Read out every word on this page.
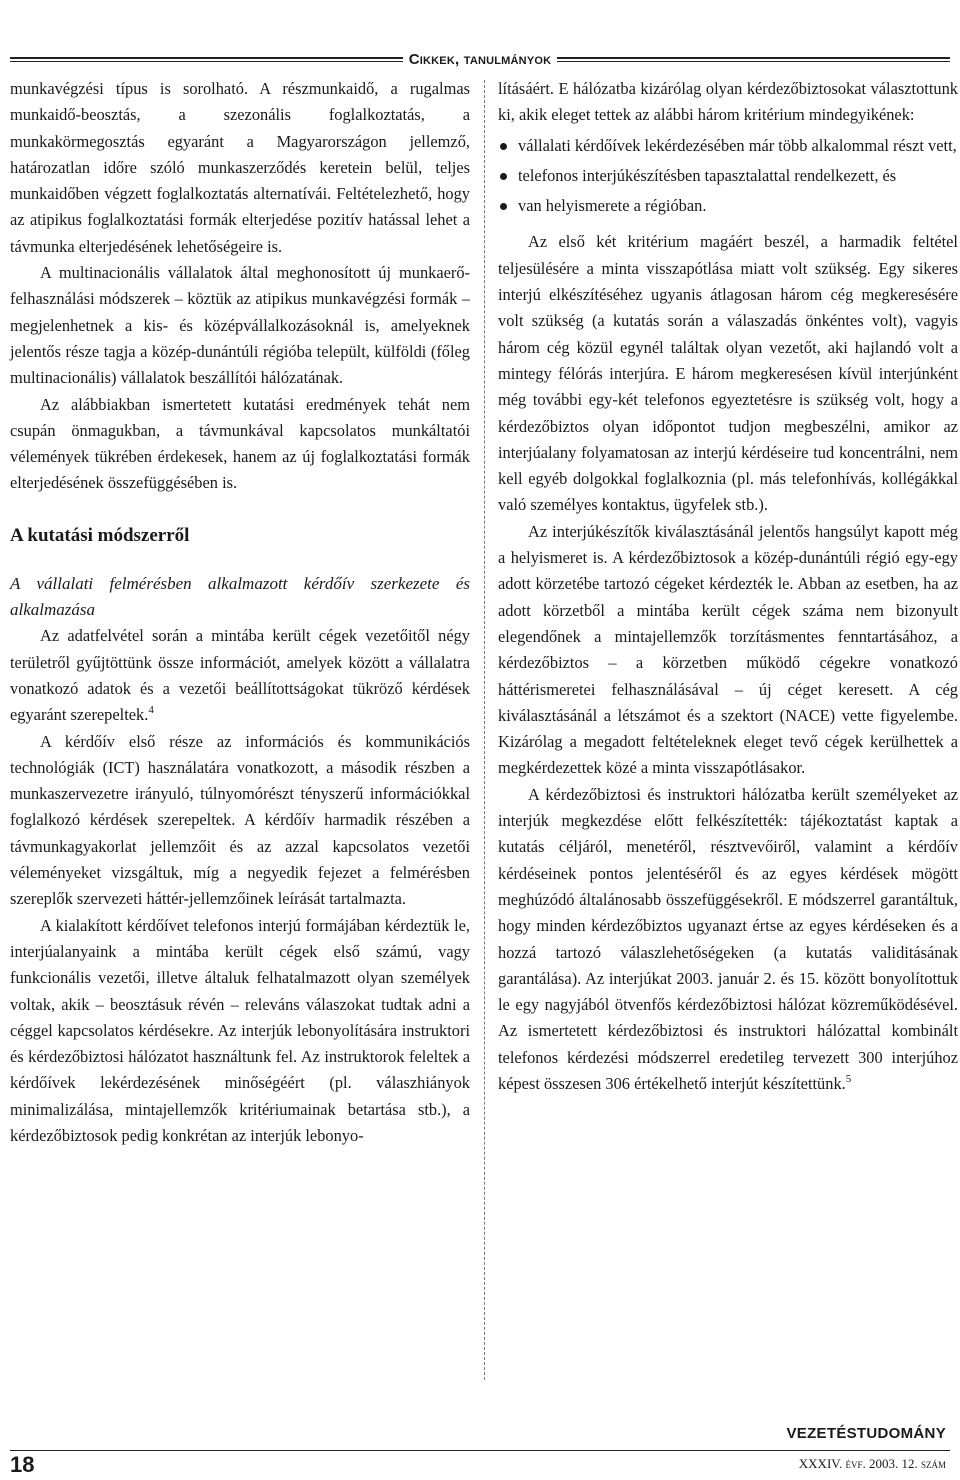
Cikkek, tanulmányok

munkavégzési típus is sorolható. A részmunkaidő, a rugalmas munkaidő-beosztás, a szezonális foglalkoztatás, a munkakörmegosztás egyaránt a Magyarországon jellemző, határozatlan időre szóló munkaszerződés keretein belül, teljes munkaidőben végzett foglalkoztatás alternatívái. Feltételezhető, hogy az atipikus foglalkoztatási formák elterjedése pozitív hatással lehet a távmunka elterjedésének lehetőségeire is.

A multinacionális vállalatok által meghonosított új munkaerő-felhasználási módszerek – köztük az atipikus munkavégzési formák – megjelenhetnek a kis- és középvállalkozásoknál is, amelyeknek jelentős része tagja a közép-dunántúli régióba települt, külföldi (főleg multinacionális) vállalatok beszállítói hálózatának.

Az alábbiakban ismertetett kutatási eredmények tehát nem csupán önmagukban, a távmunkával kapcsolatos munkáltatói vélemények tükrében érdekesek, hanem az új foglalkoztatási formák elterjedésének összefüggésében is.

A kutatási módszerről
A vállalati felmérésben alkalmazott kérdőív szerkezete és alkalmazása

Az adatfelvétel során a mintába került cégek vezetőitől négy területről gyűjtöttünk össze információt, amelyek között a vállalatra vonatkozó adatok és a vezetői beállítottságokat tükröző kérdések egyaránt szerepeltek.$^4$

A kérdőív első része az információs és kommunikációs technológiák (ICT) használatára vonatkozott, a második részben a munkaszervezetre irányuló, túlnyomórészt tényszerű információkkal foglalkozó kérdések szerepeltek. A kérdőív harmadik részében a távmunkagyakorlat jellemzőit és az azzal kapcsolatos vezetői véleményeket vizsgáltuk, míg a negyedik fejezet a felmérésben szereplők szervezeti háttér-jellemzőinek leírását tartalmazta.

A kialakított kérdőívet telefonos interjú formájában kérdeztük le, interjúalanyaink a mintába került cégek első számú, vagy funkcionális vezetői, illetve általuk felhatalmazott olyan személyek voltak, akik – beosztásuk révén – releváns válaszokat tudtak adni a céggel kapcsolatos kérdésekre. Az interjúk lebonyolítására instruktori és kérdezőbiztosi hálózatot használtunk fel. Az instruktorok feleltek a kérdőívek lekérdezésének minőségéért (pl. válaszhiányok minimalizálása, mintajellemzők kritériumainak betartása stb.), a kérdezőbiztosok pedig konkrétan az interjúk lebonyo-

lításáért. E hálózatba kizárólag olyan kérdezőbiztosokat választottunk ki, akik eleget tettek az alábbi három kritérium mindegyikének:

vállalati kérdőívek lekérdezésében már több alkalommal részt vett,
telefonos interjúkészítésben tapasztalattal rendelkezett, és
van helyismerete a régióban.

Az első két kritérium magáért beszél, a harmadik feltétel teljesülésére a minta visszapótlása miatt volt szükség. Egy sikeres interjú elkészítéséhez ugyanis átlagosan három cég megkeresésére volt szükség (a kutatás során a válaszadás önkéntes volt), vagyis három cég közül egynél találtak olyan vezetőt, aki hajlandó volt a mintegy félórás interjúra. E három megkeresésen kívül interjúnként még további egy-két telefonos egyeztetésre is szükség volt, hogy a kérdezőbiztos olyan időpontot tudjon megbeszélni, amikor az interjúalany folyamatosan az interjú kérdéseire tud koncentrálni, nem kell egyéb dolgokkal foglalkoznia (pl. más telefonhívás, kollégákkal való személyes kontaktus, ügyfelek stb.).

Az interjúkészítők kiválasztásánál jelentős hangsúlyt kapott még a helyismeret is. A kérdezőbiztosok a közép-dunántúli régió egy-egy adott körzetébe tartozó cégeket kérdezték le. Abban az esetben, ha az adott körzetből a mintába került cégek száma nem bizonyult elegendőnek a mintajellemzők torzításmentes fenntartásához, a kérdezőbiztos – a körzetben működő cégekre vonatkozó háttérismeretei felhasználásával – új céget keresett. A cég kiválasztásánál a létszámot és a szektort (NACE) vette figyelembe. Kizárólag a megadott feltételeknek eleget tevő cégek kerülhettek a megkérdezettek közé a minta visszapótlásakor.

A kérdezőbiztosi és instruktori hálózatba került személyeket az interjúk megkezdése előtt felkészítették: tájékoztatást kaptak a kutatás céljáról, menetéről, résztvevőiről, valamint a kérdőív kérdéseinek pontos jelentéséről és az egyes kérdések mögött meghúzódó általánosabb összefüggésekről. E módszerrel garantáltuk, hogy minden kérdezőbiztos ugyanazt értse az egyes kérdéseken és a hozzá tartozó válaszlehetőségeken (a kutatás validitásának garantálása). Az interjúkat 2003. január 2. és 15. között bonyolítottuk le egy nagyjából ötvenfős kérdezőbiztosi hálózat közreműködésével. Az ismertetett kérdezőbiztosi és instruktori hálózattal kombinált telefonos kérdezési módszerrel eredetileg tervezett 300 interjúhoz képest összesen 306 értékelhető interjút készítettünk.$^5$

VEZETÉSTUDOMÁNY
18	XXXIV. évf. 2003. 12. szám
